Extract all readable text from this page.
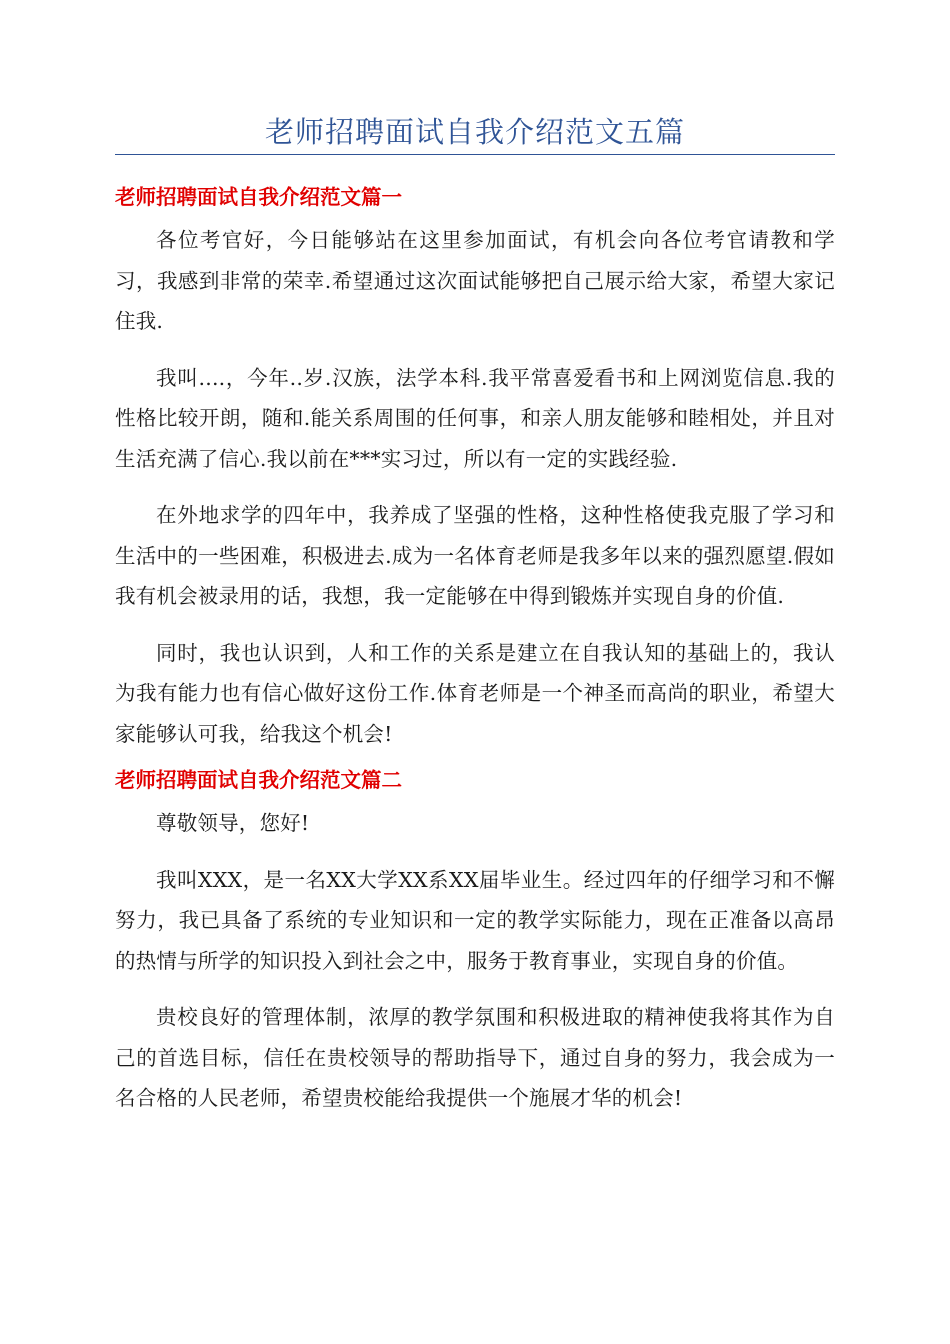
老师招聘面试自我介绍范文五篇
老师招聘面试自我介绍范文篇一

各位考官好，今日能够站在这里参加面试，有机会向各位考官请教和学习，我感到非常的荣幸.希望通过这次面试能够把自己展示给大家，希望大家记住我.

我叫....，今年..岁.汉族，法学本科.我平常喜爱看书和上网浏览信息.我的性格比较开朗，随和.能关系周围的任何事，和亲人朋友能够和睦相处，并且对生活充满了信心.我以前在***实习过，所以有一定的实践经验.

在外地求学的四年中，我养成了坚强的性格，这种性格使我克服了学习和生活中的一些困难，积极进去.成为一名体育老师是我多年以来的强烈愿望.假如我有机会被录用的话，我想，我一定能够在中得到锻炼并实现自身的价值.

同时，我也认识到，人和工作的关系是建立在自我认知的基础上的，我认为我有能力也有信心做好这份工作.体育老师是一个神圣而高尚的职业，希望大家能够认可我，给我这个机会!

老师招聘面试自我介绍范文篇二

尊敬领导，您好!

我叫XXX，是一名XX大学XX系XX届毕业生。经过四年的仔细学习和不懈努力，我已具备了系统的专业知识和一定的教学实际能力，现在正准备以高昂的热情与所学的知识投入到社会之中，服务于教育事业，实现自身的价值。

贵校良好的管理体制，浓厚的教学氛围和积极进取的精神使我将其作为自己的首选目标，信任在贵校领导的帮助指导下，通过自身的努力，我会成为一名合格的人民老师，希望贵校能给我提供一个施展才华的机会!
